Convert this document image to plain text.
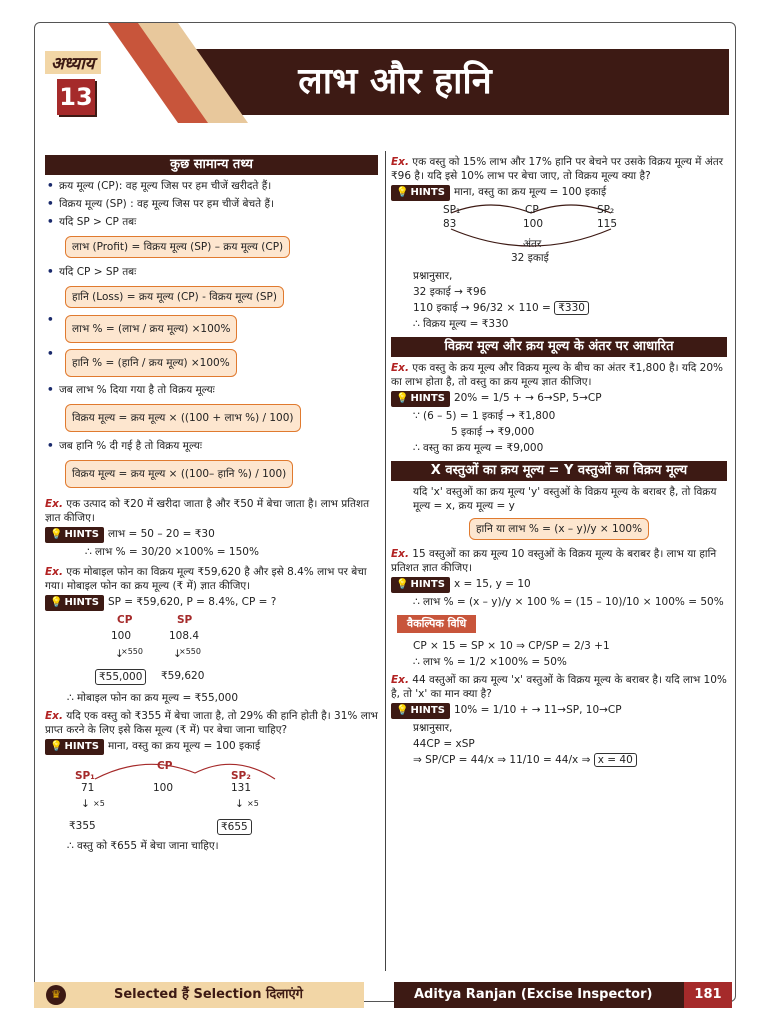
अध्याय
13	लाभ और हानि
कुछ सामान्य तथ्य
• क्रय मूल्य (CP): वह मूल्य जिस पर हम चीजें खरीदते हैं।
• विक्रय मूल्य (SP) : वह मूल्य जिस पर हम चीजें बेचते हैं।
• यदि SP > CP तबः
लाभ (Profit) = विक्रय मूल्य (SP) – क्रय मूल्य (CP)
• यदि CP > SP तबः
हानि (Loss) = क्रय मूल्य (CP) - विक्रय मूल्य (SP)
• लाभ % = (लाभ / क्रय मूल्य) ×100%
• हानि % = (हानि / क्रय मूल्य) ×100%
• जब लाभ % दिया गया है तो विक्रय मूल्यः
विक्रय मूल्य = क्रय मूल्य × ((100 + लाभ %) / 100)
• जब हानि % दी गई है तो विक्रय मूल्यः
विक्रय मूल्य = क्रय मूल्य × ((100– हानि %) / 100)
Ex. एक उत्पाद को ₹20 में खरीदा जाता है और ₹50 में बेचा जाता है। लाभ प्रतिशत ज्ञात कीजिए।
💡 HINTS लाभ = 50 – 20 = ₹30
∴ लाभ % = 30/20 ×100% = 150%
Ex. एक मोबाइल फोन का विक्रय मूल्य ₹59,620 है और इसे 8.4% लाभ पर बेचा गया। मोबाइल फोन का क्रय मूल्य (₹ में) ज्ञात कीजिए।
💡 HINTS SP = ₹59,620, P = 8.4%, CP = ?
CP	SP
100	108.4
×550	×550
↓	↓
₹55,000	₹59,620
∴ मोबाइल फोन का क्रय मूल्य = ₹55,000
Ex. यदि एक वस्तु को ₹355 में बेचा जाता है, तो 29% की हानि होती है। 31% लाभ प्राप्त करने के लिए इसे किस मूल्य (₹ में) पर बेचा जाना चाहिए?
💡 HINTS माना, वस्तु का क्रय मूल्य = 100 इकाई
SP₁
CP
SP₂
71	100	131
↓ ×5	↓ ×5
₹355	₹655
∴ वस्तु को ₹655 में बेचा जाना चाहिए।
Ex. एक वस्तु को 15% लाभ और 17% हानि पर बेचने पर उसके विक्रय मूल्य में अंतर ₹96 है। यदि इसे 10% लाभ पर बेचा जाए, तो विक्रय मूल्य क्या है?
💡 HINTS माना, वस्तु का क्रय मूल्य = 100 इकाई
SP₁	CP	SP₂
83	100	115
अंतर
32 इकाई
प्रश्नानुसार,
32 इकाई → ₹96
110 इकाई → 96/32 × 110 = ₹330
∴ विक्रय मूल्य = ₹330
विक्रय मूल्य और क्रय मूल्य के अंतर पर आधारित
Ex. एक वस्तु के क्रय मूल्य और विक्रय मूल्य के बीच का अंतर ₹1,800 है। यदि 20% का लाभ होता है, तो वस्तु का क्रय मूल्य ज्ञात कीजिए।
💡 HINTS 20% = 1/5 + → 6→SP, 5→CP
∵ (6 – 5) = 1 इकाई → ₹1,800
5 इकाई → ₹9,000
∴ वस्तु का क्रय मूल्य = ₹9,000
X वस्तुओं का क्रय मूल्य = Y वस्तुओं का विक्रय मूल्य
यदि 'x' वस्तुओं का क्रय मूल्य 'y' वस्तुओं के विक्रय मूल्य के बराबर है, तो विक्रय मूल्य = x, क्रय मूल्य = y
हानि या लाभ % = (x – y)/y × 100%
Ex. 15 वस्तुओं का क्रय मूल्य 10 वस्तुओं के विक्रय मूल्य के बराबर है। लाभ या हानि प्रतिशत ज्ञात कीजिए।
💡 HINTS x = 15, y = 10
∴ लाभ % = (x – y)/y × 100 % = (15 – 10)/10 × 100% = 50%
वैकल्पिक विधि
CP × 15 = SP × 10 ⇒ CP/SP = 2/3 +1
∴ लाभ % = 1/2 ×100% = 50%
Ex. 44 वस्तुओं का क्रय मूल्य 'x' वस्तुओं के विक्रय मूल्य के बराबर है। यदि लाभ 10% है, तो 'x' का मान क्या है?
💡 HINTS 10% = 1/10 + → 11→SP, 10→CP
प्रश्नानुसार,
44CP = xSP
⇒ SP/CP = 44/x ⇒ 11/10 = 44/x ⇒ x = 40
♛	Selected हैं Selection दिलाएंगे	Aditya Ranjan (Excise Inspector)	181
